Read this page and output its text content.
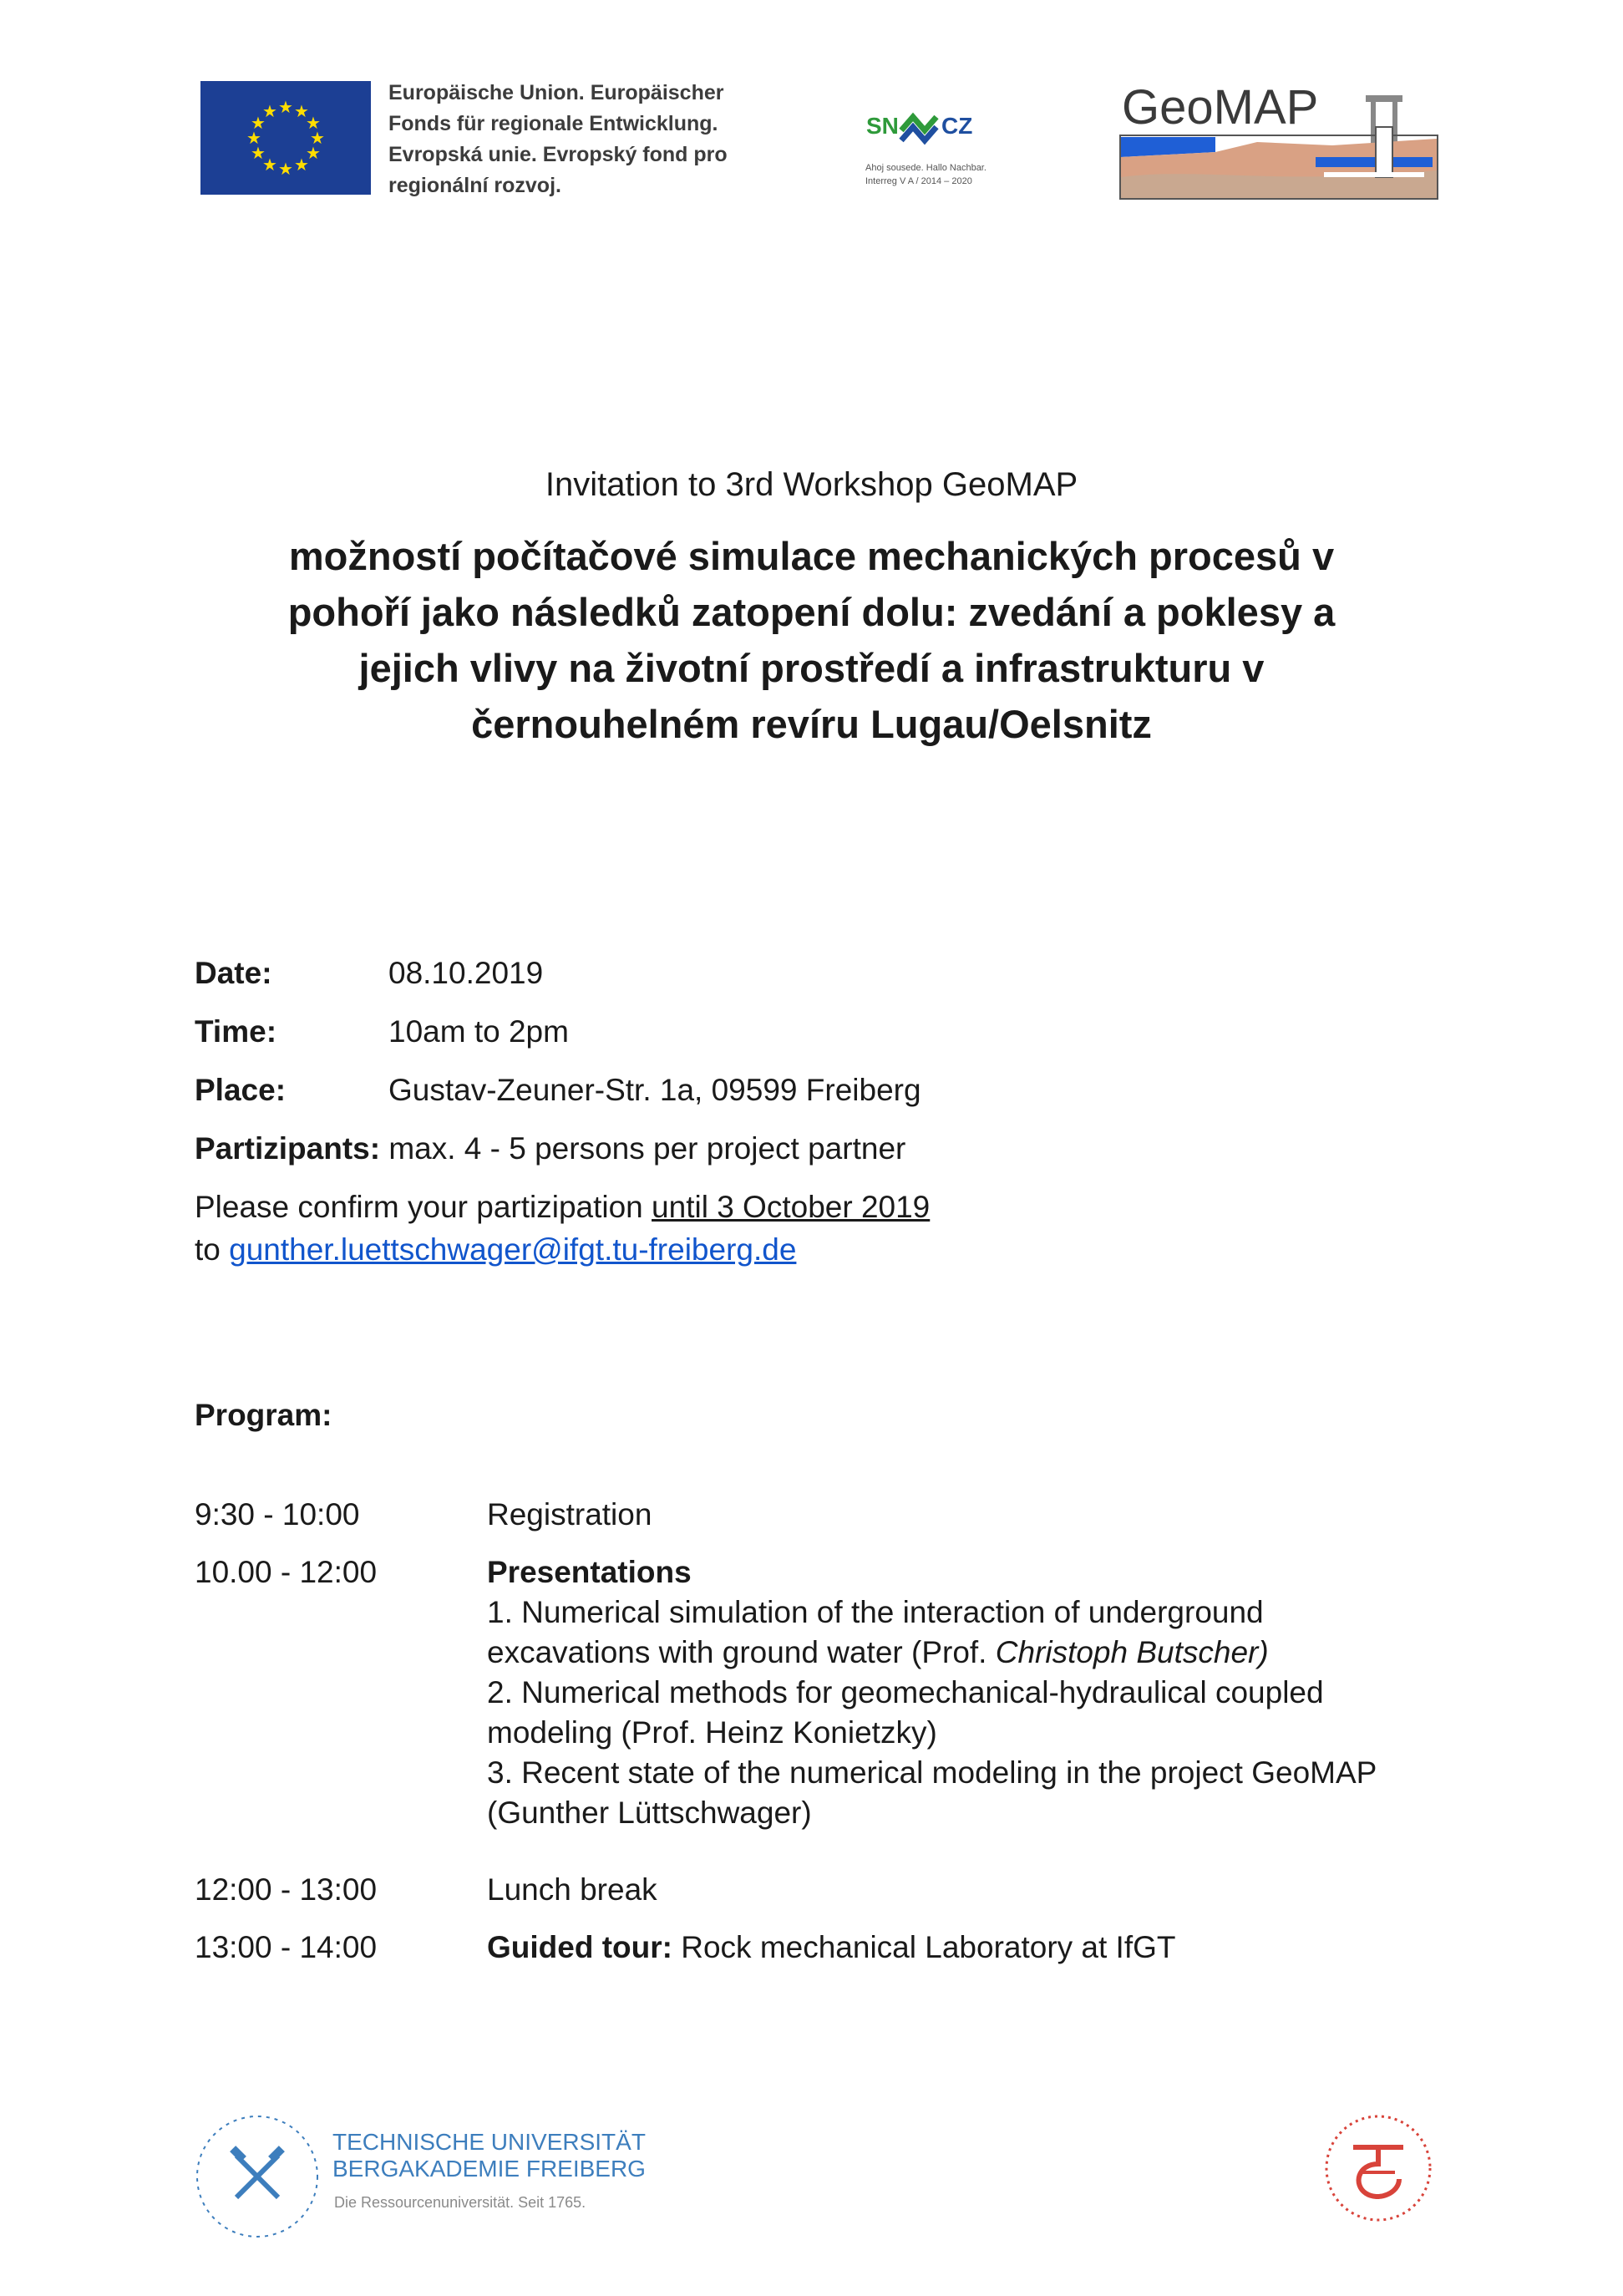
★ ★
★
★
★
★
★
★
★
★
★
★
Europäische Union. Europäischer
Fonds für regionale Entwicklung.
Evropská unie. Evropský fond pro
regionální rozvoj.
SN CZ
Ahoj sousede. Hallo Nachbar.
Interreg V A / 2014 – 2020
GeoMAP
Invitation to 3rd Workshop GeoMAP
možností počítačové simulace mechanických procesů v
pohoří jako následků zatopení dolu: zvedání a poklesy a
jejich vlivy na životní prostředí a infrastrukturu v
černouhelném revíru Lugau/Oelsnitz
Date:	08.10.2019
Time:	10am to 2pm
Place:	Gustav-Zeuner-Str. 1a, 09599 Freiberg
Partizipants: max. 4 - 5 persons per project partner
Please confirm your partizipation until 3 October 2019
to gunther.luettschwager@ifgt.tu-freiberg.de
Program:
9:30 - 10:00	Registration
10.00 - 12:00	Presentations
1. Numerical simulation of the interaction of underground
excavations with ground water (Prof. Christoph Butscher)
2. Numerical methods for geomechanical-hydraulical coupled
modeling (Prof. Heinz Konietzky)
3. Recent state of the numerical modeling in the project GeoMAP
(Gunther Lüttschwager)
12:00 - 13:00	Lunch break
13:00 - 14:00	Guided tour: Rock mechanical Laboratory at IfGT
TECHNISCHE UNIVERSITÄT
BERGAKADEMIE FREIBERG
Die Ressourcenuniversität. Seit 1765.
